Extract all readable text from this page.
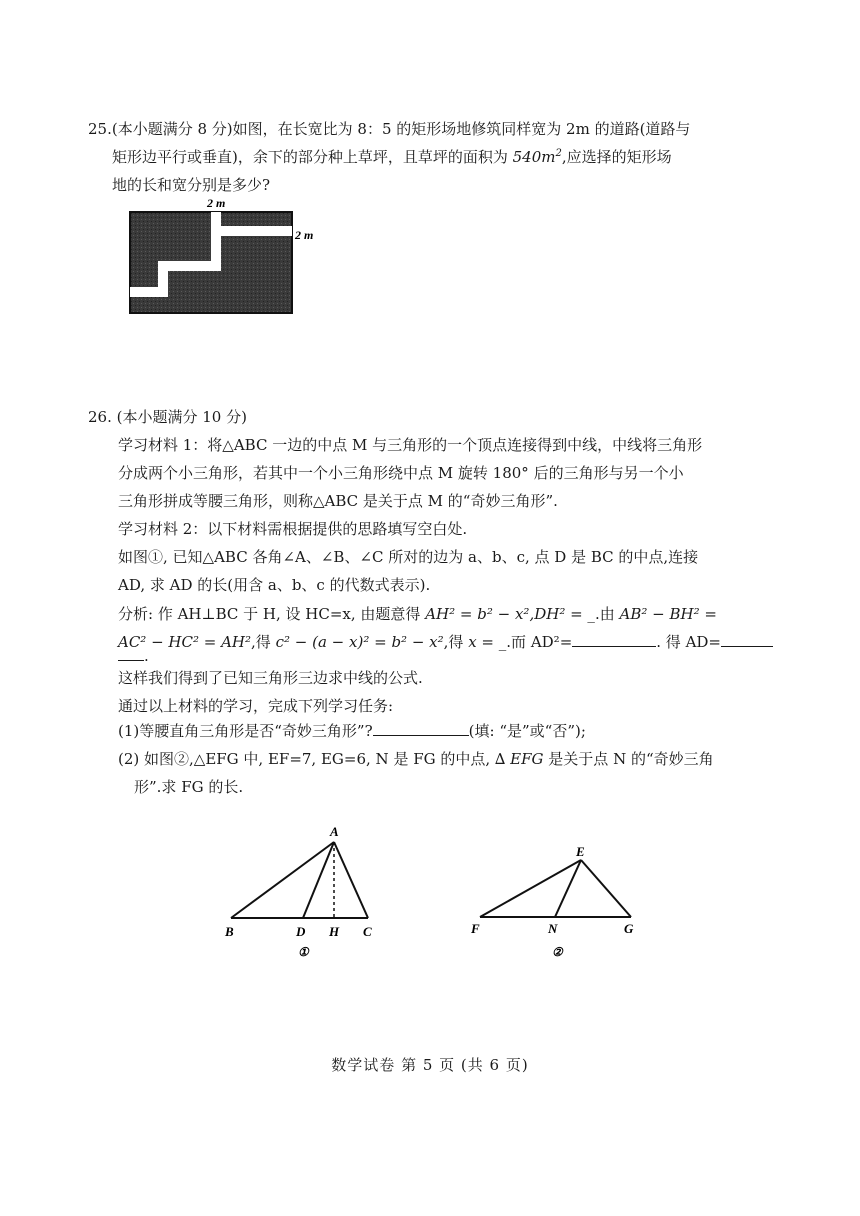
25.(本小题满分 8 分)如图，在长宽比为 8：5 的矩形场地修筑同样宽为 2m 的道路(道路与
矩形边平行或垂直)，余下的部分种上草坪，且草坪的面积为 $540m^2$,应选择的矩形场
地的长和宽分别是多少?
2 m
2 m
26. (本小题满分 10 分)
学习材料 1：将△ABC 一边的中点 M 与三角形的一个顶点连接得到中线，中线将三角形
分成两个小三角形，若其中一个小三角形绕中点 M 旋转 180° 后的三角形与另一个小
三角形拼成等腰三角形，则称△ABC 是关于点 M 的“奇妙三角形”.
学习材料 2：以下材料需根据提供的思路填写空白处.
如图①, 已知△ABC 各角∠A、∠B、∠C 所对的边为 a、b、c, 点 D 是 BC 的中点,连接
AD, 求 AD 的长(用含 a、b、c 的代数式表示).
分析: 作 AH⊥BC 于 H, 设 HC=x, 由题意得 AH² = b² − x²,DH² = _.由 AB² − BH² =
AC² − HC² = AH²,得 c² − (a − x)² = b² − x²,得 x = _.而 AD²=	. 得 AD=
.
这样我们得到了已知三角形三边求中线的公式.
通过以上材料的学习，完成下列学习任务:
(1)等腰直角三角形是否“奇妙三角形”?	(填: “是”或“否”);
(2) 如图②,△EFG 中, EF=7, EG=6, N 是 FG 的中点, ∆ EFG 是关于点 N 的“奇妙三角
形”.求 FG 的长.
A
B	D H C
①
E
F	N	G
②
数学试卷 第 5 页 (共 6 页)
